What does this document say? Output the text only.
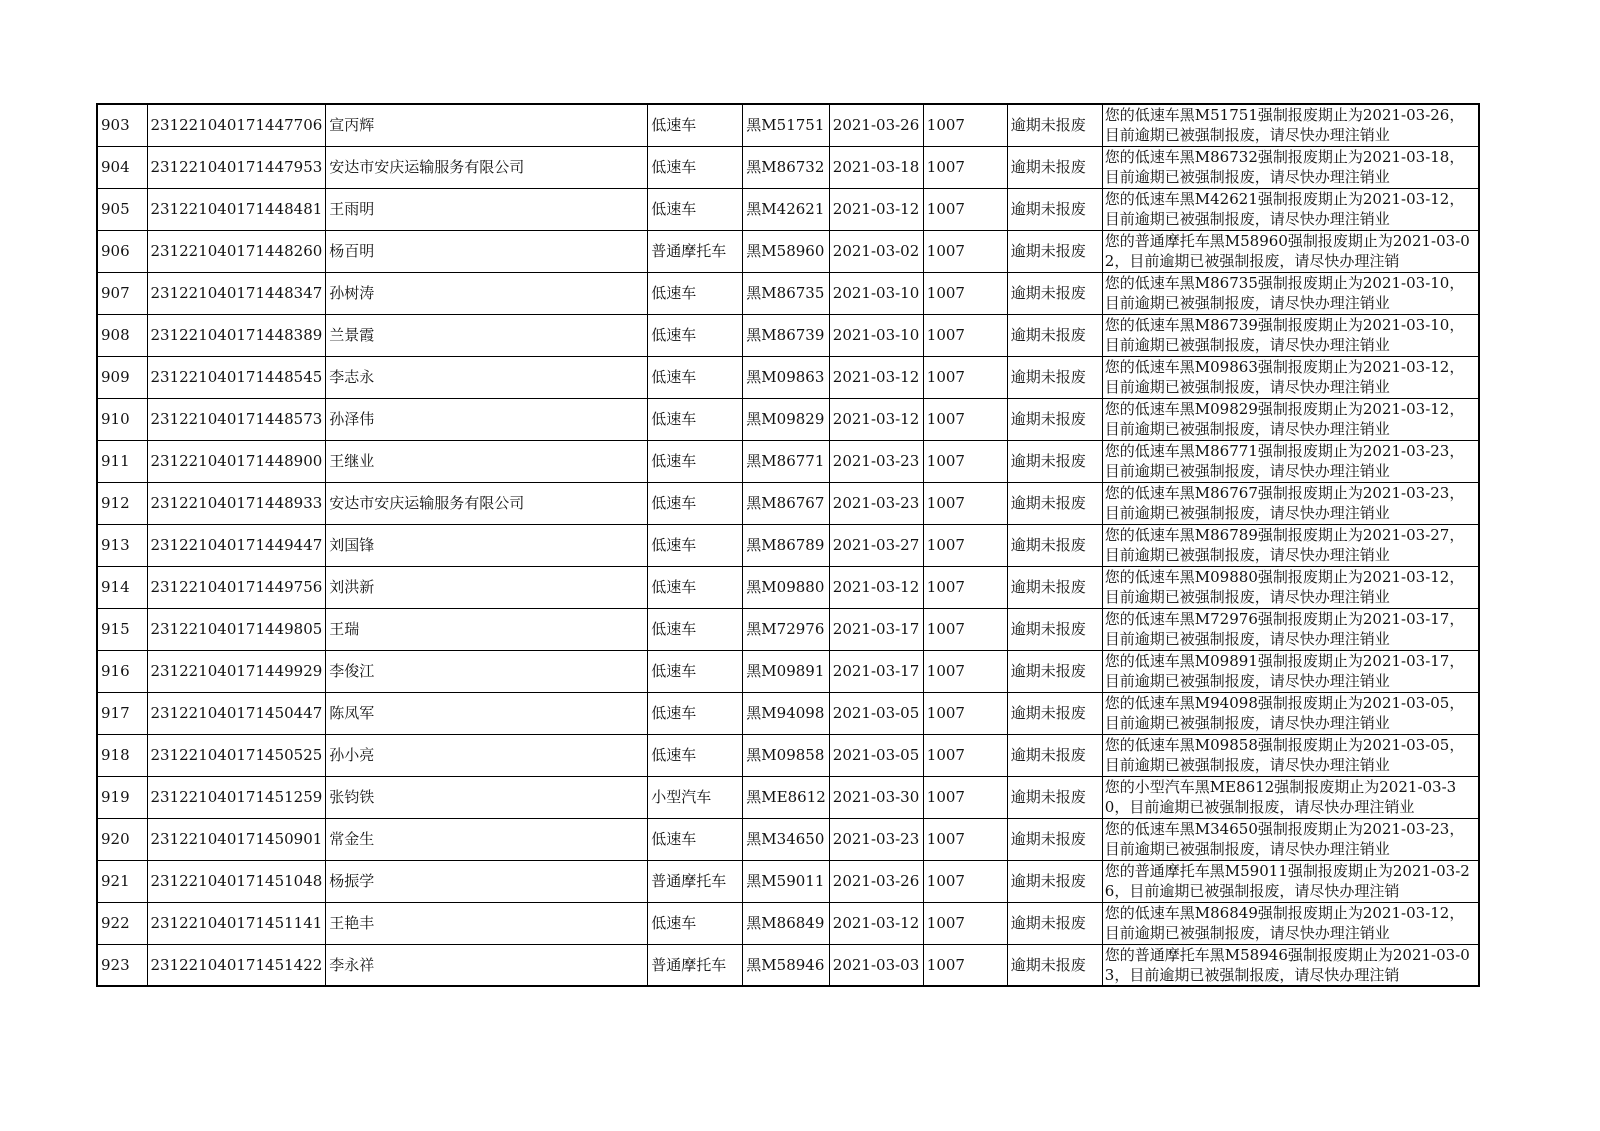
903	231221040171447706	宣丙辉	低速车	黑M51751	2021-03-26	1007	逾期未报废	您的低速车黑M51751强制报废期止为2021-03-26，目前逾期已被强制报废，请尽快办理注销业
904	231221040171447953	安达市安庆运输服务有限公司	低速车	黑M86732	2021-03-18	1007	逾期未报废	您的低速车黑M86732强制报废期止为2021-03-18，目前逾期已被强制报废，请尽快办理注销业
905	231221040171448481	王雨明	低速车	黑M42621	2021-03-12	1007	逾期未报废	您的低速车黑M42621强制报废期止为2021-03-12，目前逾期已被强制报废，请尽快办理注销业
906	231221040171448260	杨百明	普通摩托车	黑M58960	2021-03-02	1007	逾期未报废	您的普通摩托车黑M58960强制报废期止为2021-03-02，目前逾期已被强制报废，请尽快办理注销
907	231221040171448347	孙树涛	低速车	黑M86735	2021-03-10	1007	逾期未报废	您的低速车黑M86735强制报废期止为2021-03-10，目前逾期已被强制报废，请尽快办理注销业
908	231221040171448389	兰景霞	低速车	黑M86739	2021-03-10	1007	逾期未报废	您的低速车黑M86739强制报废期止为2021-03-10，目前逾期已被强制报废，请尽快办理注销业
909	231221040171448545	李志永	低速车	黑M09863	2021-03-12	1007	逾期未报废	您的低速车黑M09863强制报废期止为2021-03-12，目前逾期已被强制报废，请尽快办理注销业
910	231221040171448573	孙泽伟	低速车	黑M09829	2021-03-12	1007	逾期未报废	您的低速车黑M09829强制报废期止为2021-03-12，目前逾期已被强制报废，请尽快办理注销业
911	231221040171448900	王继业	低速车	黑M86771	2021-03-23	1007	逾期未报废	您的低速车黑M86771强制报废期止为2021-03-23，目前逾期已被强制报废，请尽快办理注销业
912	231221040171448933	安达市安庆运输服务有限公司	低速车	黑M86767	2021-03-23	1007	逾期未报废	您的低速车黑M86767强制报废期止为2021-03-23，目前逾期已被强制报废，请尽快办理注销业
913	231221040171449447	刘国锋	低速车	黑M86789	2021-03-27	1007	逾期未报废	您的低速车黑M86789强制报废期止为2021-03-27，目前逾期已被强制报废，请尽快办理注销业
914	231221040171449756	刘洪新	低速车	黑M09880	2021-03-12	1007	逾期未报废	您的低速车黑M09880强制报废期止为2021-03-12，目前逾期已被强制报废，请尽快办理注销业
915	231221040171449805	王瑞	低速车	黑M72976	2021-03-17	1007	逾期未报废	您的低速车黑M72976强制报废期止为2021-03-17，目前逾期已被强制报废，请尽快办理注销业
916	231221040171449929	李俊江	低速车	黑M09891	2021-03-17	1007	逾期未报废	您的低速车黑M09891强制报废期止为2021-03-17，目前逾期已被强制报废，请尽快办理注销业
917	231221040171450447	陈凤军	低速车	黑M94098	2021-03-05	1007	逾期未报废	您的低速车黑M94098强制报废期止为2021-03-05，目前逾期已被强制报废，请尽快办理注销业
918	231221040171450525	孙小亮	低速车	黑M09858	2021-03-05	1007	逾期未报废	您的低速车黑M09858强制报废期止为2021-03-05，目前逾期已被强制报废，请尽快办理注销业
919	231221040171451259	张钧铁	小型汽车	黑ME8612	2021-03-30	1007	逾期未报废	您的小型汽车黑ME8612强制报废期止为2021-03-30，目前逾期已被强制报废，请尽快办理注销业
920	231221040171450901	常金生	低速车	黑M34650	2021-03-23	1007	逾期未报废	您的低速车黑M34650强制报废期止为2021-03-23，目前逾期已被强制报废，请尽快办理注销业
921	231221040171451048	杨振学	普通摩托车	黑M59011	2021-03-26	1007	逾期未报废	您的普通摩托车黑M59011强制报废期止为2021-03-26，目前逾期已被强制报废，请尽快办理注销
922	231221040171451141	王艳丰	低速车	黑M86849	2021-03-12	1007	逾期未报废	您的低速车黑M86849强制报废期止为2021-03-12，目前逾期已被强制报废，请尽快办理注销业
923	231221040171451422	李永祥	普通摩托车	黑M58946	2021-03-03	1007	逾期未报废	您的普通摩托车黑M58946强制报废期止为2021-03-03，目前逾期已被强制报废，请尽快办理注销
